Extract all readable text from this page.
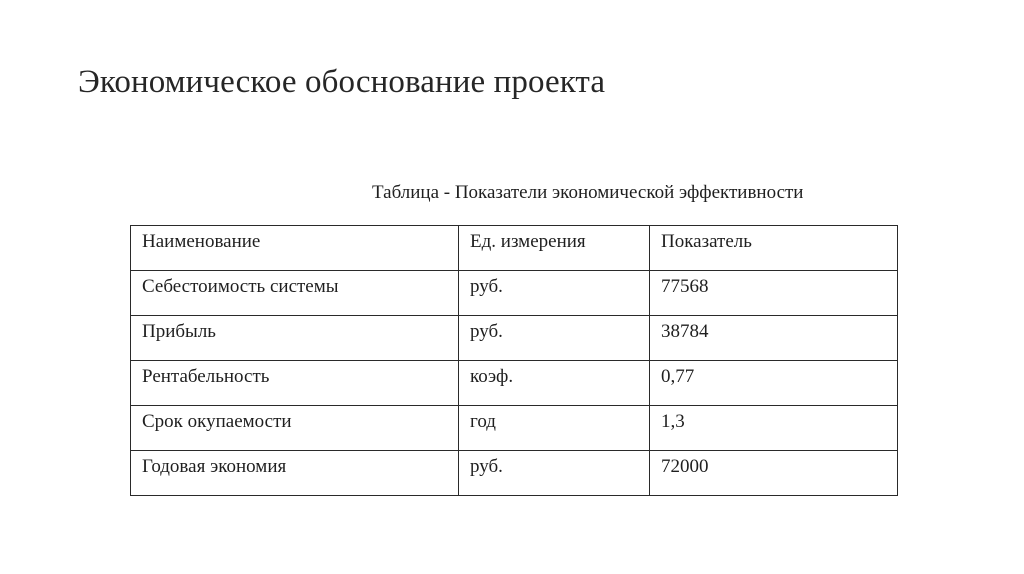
Экономическое обоснование проекта
Таблица - Показатели экономической эффективности
Наименование	Ед. измерения	Показатель
Себестоимость системы	руб.	77568
Прибыль	руб.	38784
Рентабельность	коэф.	0,77
Срок окупаемости	год	1,3
Годовая экономия	руб.	72000
